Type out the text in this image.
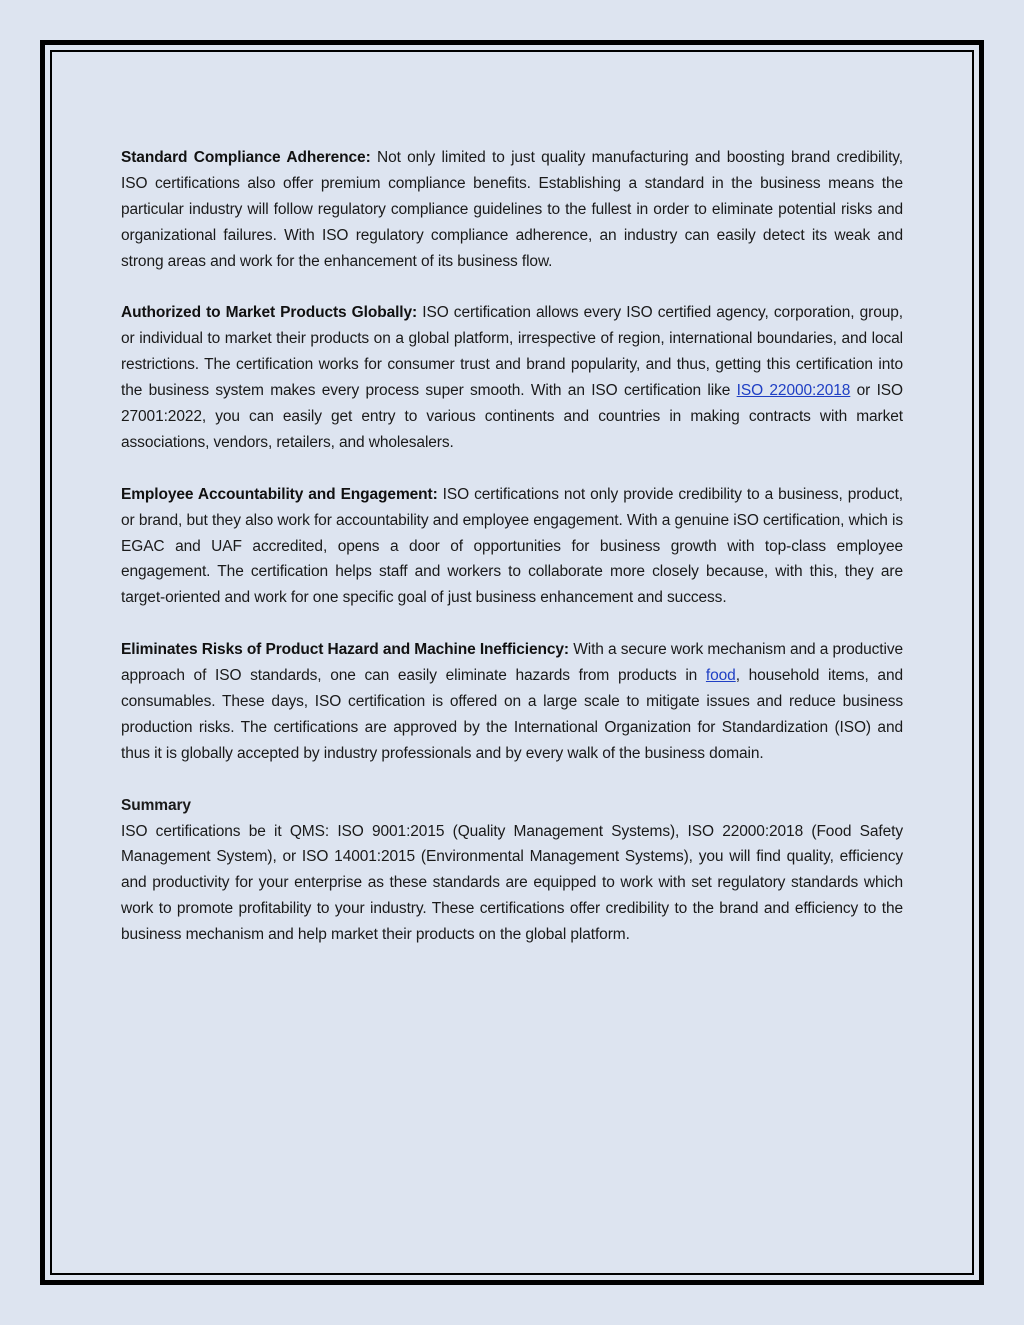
Standard Compliance Adherence: Not only limited to just quality manufacturing and boosting brand credibility, ISO certifications also offer premium compliance benefits. Establishing a standard in the business means the particular industry will follow regulatory compliance guidelines to the fullest in order to eliminate potential risks and organizational failures. With ISO regulatory compliance adherence, an industry can easily detect its weak and strong areas and work for the enhancement of its business flow.

Authorized to Market Products Globally: ISO certification allows every ISO certified agency, corporation, group, or individual to market their products on a global platform, irrespective of region, international boundaries, and local restrictions. The certification works for consumer trust and brand popularity, and thus, getting this certification into the business system makes every process super smooth. With an ISO certification like ISO 22000:2018 or ISO 27001:2022, you can easily get entry to various continents and countries in making contracts with market associations, vendors, retailers, and wholesalers.

Employee Accountability and Engagement: ISO certifications not only provide credibility to a business, product, or brand, but they also work for accountability and employee engagement. With a genuine iSO certification, which is EGAC and UAF accredited, opens a door of opportunities for business growth with top-class employee engagement. The certification helps staff and workers to collaborate more closely because, with this, they are target-oriented and work for one specific goal of just business enhancement and success.

Eliminates Risks of Product Hazard and Machine Inefficiency: With a secure work mechanism and a productive approach of ISO standards, one can easily eliminate hazards from products in food, household items, and consumables. These days, ISO certification is offered on a large scale to mitigate issues and reduce business production risks. The certifications are approved by the International Organization for Standardization (ISO) and thus it is globally accepted by industry professionals and by every walk of the business domain.

Summary
ISO certifications be it QMS: ISO 9001:2015 (Quality Management Systems), ISO 22000:2018 (Food Safety Management System), or ISO 14001:2015 (Environmental Management Systems), you will find quality, efficiency and productivity for your enterprise as these standards are equipped to work with set regulatory standards which work to promote profitability to your industry. These certifications offer credibility to the brand and efficiency to the business mechanism and help market their products on the global platform.
